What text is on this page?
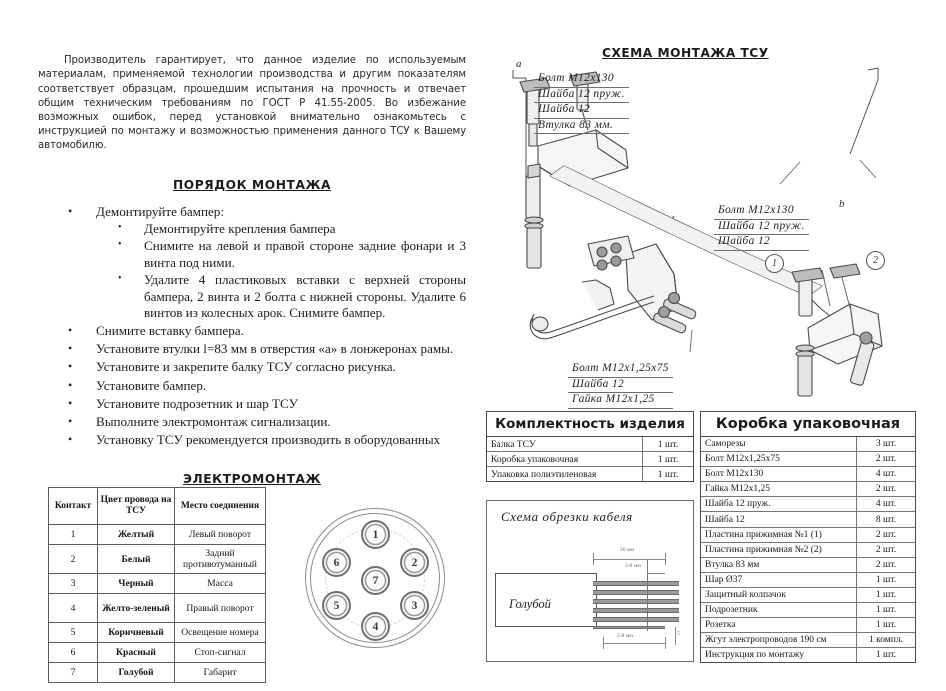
Производитель гарантирует, что данное изделие по используемым материалам, применяемой технологии производства и другим показателям соответствует образцам, прошедшим испытания на прочность и отвечает общим техническим требованиям по ГОСТ Р 41.55-2005. Во избежание возможных ошибок, перед установкой внимательно ознакомьтесь с инструкцией по монтажу и возможностью применения данного ТСУ к Вашему автомобилю.

ПОРЯДОК МОНТАЖА
• Демонтируйте бампер:
• Демонтируйте крепления бампера
• Снимите на левой и правой стороне задние фонари и 3 винта под ними.
• Удалите 4 пластиковых вставки с верхней стороны бампера, 2 винта и 2 болта с нижней стороны. Удалите 6 винтов из колесных арок. Снимите бампер.
• Снимите вставку бампера.
• Установите втулки l=83 мм в отверстия «а» в лонжеронах рамы.
• Установите и закрепите балку ТСУ согласно рисунка.
• Установите бампер.
• Установите подрозетник и шар ТСУ
• Выполните электромонтаж сигнализации.
• Установку ТСУ рекомендуется производить в оборудованных
ЭЛЕКТРОМОНТАЖ
Контакт	Цвет провода на ТСУ	Место соединения
1	Желтый	Левый поворот
2	Белый	Задний противотуманный
3	Черный	Масса
4	Желто-зеленый	Правый поворот
5	Коричневый	Освещение номера
6	Красный	Стоп-сигнал
7	Голубой	Габарит
1
2
3
4
5
6
7
СХЕМА МОНТАЖА ТСУ
a
b
1	2
Болт М12х130
Шайба 12 пруж.
Шайба 12
Втулка 83 мм.
Болт М12х130
Шайба 12 пруж.
Шайба 12
Болт М12х1,25х75
Шайба 12
Гайка М12х1,25
Комплектность изделия
Балка ТСУ	1 шт.
Коробка упаковочная	1 шт.
Упаковка полиэтиленовая	1 шт.
Коробка упаковочная
Саморезы	3 шт.
Болт М12х1,25х75	2 шт.
Болт М12х130	4 шт.
Гайка М12х1,25	2 шт.
Шайба 12 пруж.	4 шт.
Шайба 12	8 шт.
Пластина прижимная №1 (1)	2 шт.
Пластина прижимная №2 (2)	2 шт.
Втулка 83 мм	2 шт.
Шар Ø37	1 шт.
Защитный колпачок	1 шт.
Подрозетник	1 шт.
Розетка	1 шт.
Жгут электропроводов 190 см	1 компл.
Инструкция по монтажу	1 шт.
Схема обрезки кабеля
Голубой
20 мм
5-8 мм
5-8 мм	5
